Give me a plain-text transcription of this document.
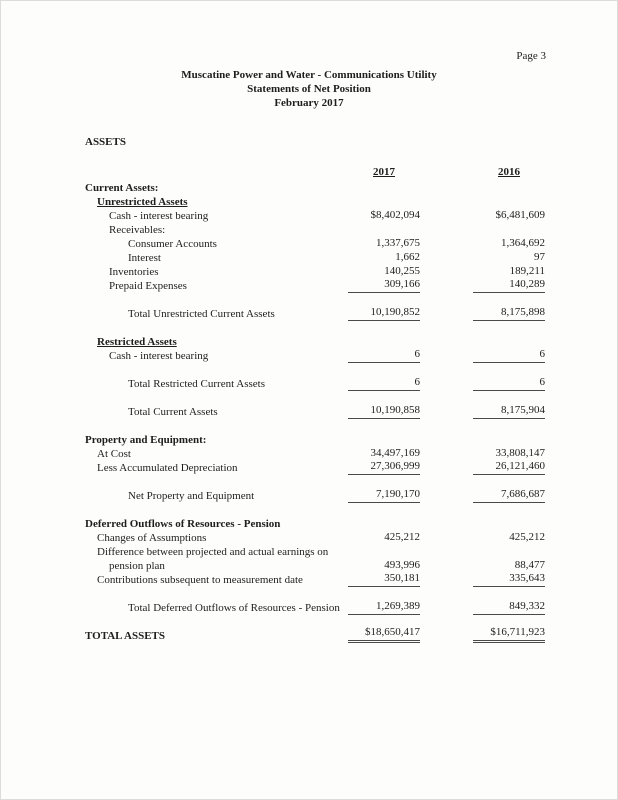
Page 3
Muscatine Power and Water - Communications Utility
Statements of Net Position
February 2017
ASSETS
2017	2016
Current Assets:
Unrestricted Assets
Cash - interest bearing	$8,402,094	$6,481,609
Receivables:
Consumer Accounts	1,337,675	1,364,692
Interest	1,662	97
Inventories	140,255	189,211
Prepaid Expenses	309,166	140,289
Total Unrestricted Current Assets	10,190,852	8,175,898
Restricted Assets
Cash - interest bearing	6	6
Total Restricted Current Assets	6	6
Total Current Assets	10,190,858	8,175,904
Property and Equipment:
At Cost	34,497,169	33,808,147
Less Accumulated Depreciation	27,306,999	26,121,460
Net Property and Equipment	7,190,170	7,686,687
Deferred Outflows of Resources - Pension
Changes of Assumptions	425,212	425,212
Difference between projected and actual earnings on
pension plan	493,996	88,477
Contributions subsequent to measurement date	350,181	335,643
Total Deferred Outflows of Resources - Pension	1,269,389	849,332
TOTAL ASSETS	$18,650,417	$16,711,923
